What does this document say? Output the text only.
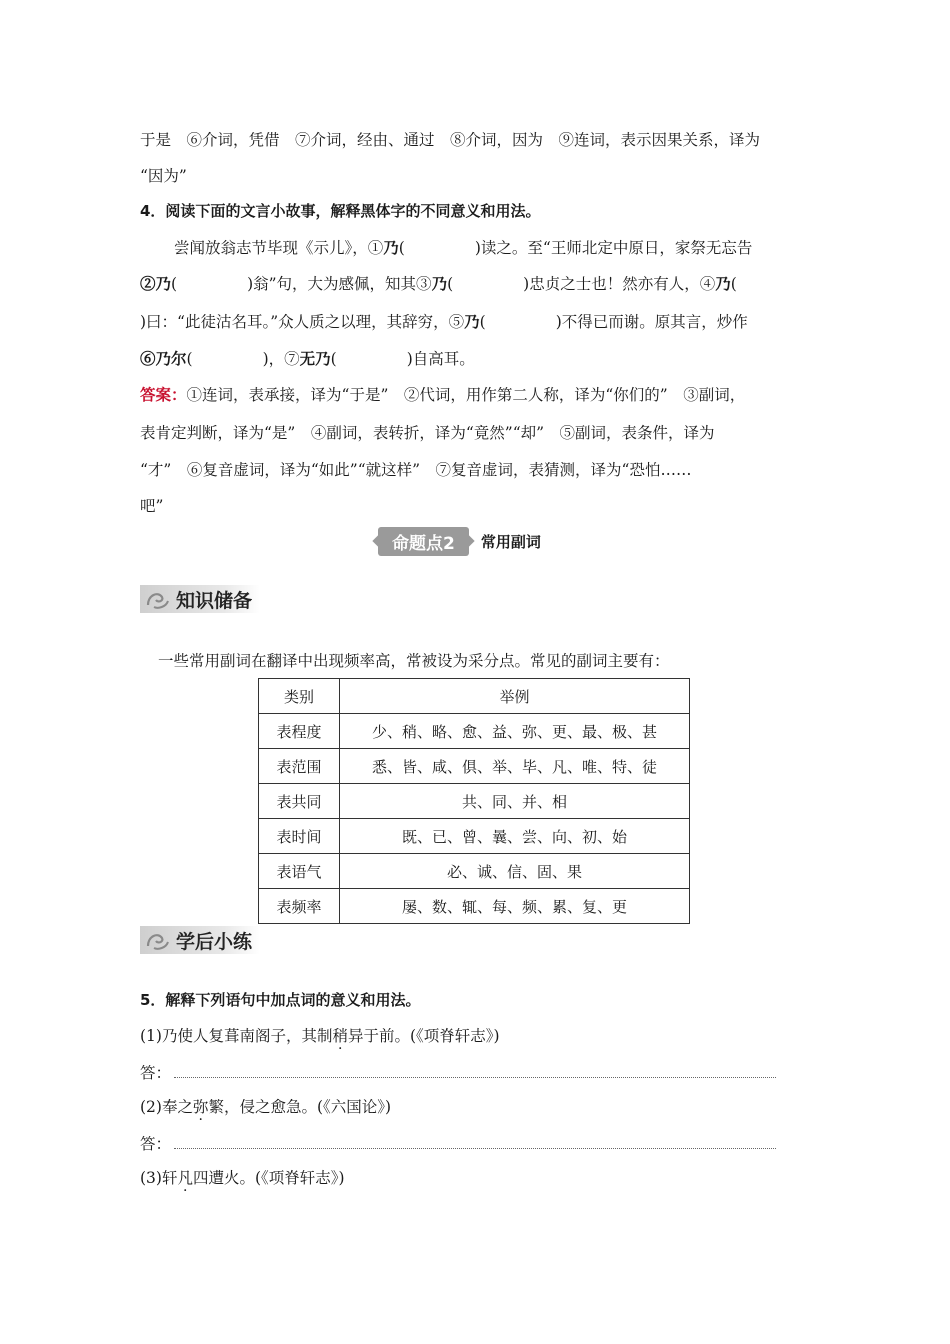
于是　⑥介词，凭借　⑦介词，经由、通过　⑧介词，因为　⑨连词，表示因果关系，译为
“因为”
4．阅读下面的文言小故事，解释黑体字的不同意义和用法。
尝闻放翁志节毕现《示儿》，①乃(	)读之。至“王师北定中原日，家祭无忘告
②乃(	)翁”句，大为感佩，知其③乃(	)忠贞之士也！然亦有人，④乃(
)曰：“此徒沽名耳。”众人质之以理，其辞穷，⑤乃(	)不得已而谢。原其言，炒作
⑥乃尔(	)，⑦无乃(	)自高耳。
答案：①连词，表承接，译为“于是”　②代词，用作第二人称，译为“你们的”　③副词，
表肯定判断，译为“是”　④副词，表转折，译为“竟然”“却”　⑤副词，表条件，译为
“才”　⑥复音虚词，译为“如此”“就这样”　⑦复音虚词，表猜测，译为“恐怕……
吧”
命题点2	常用副词
知识储备
一些常用副词在翻译中出现频率高，常被设为采分点。常见的副词主要有：
类别	举例
表程度	少、稍、略、愈、益、弥、更、最、极、甚
表范围	悉、皆、咸、俱、举、毕、凡、唯、特、徒
表共同	共、同、并、相
表时间	既、已、曾、曩、尝、向、初、始
表语气	必、诚、信、固、果
表频率	屡、数、辄、每、频、累、复、更
学后小练
5．解释下列语句中加点词的意义和用法。
(1)乃使人复葺南阁子，其制稍异于前。(《项脊轩志》)
答：
(2)奉之弥繁，侵之愈急。(《六国论》)
答：
(3)轩凡四遭火。(《项脊轩志》)
